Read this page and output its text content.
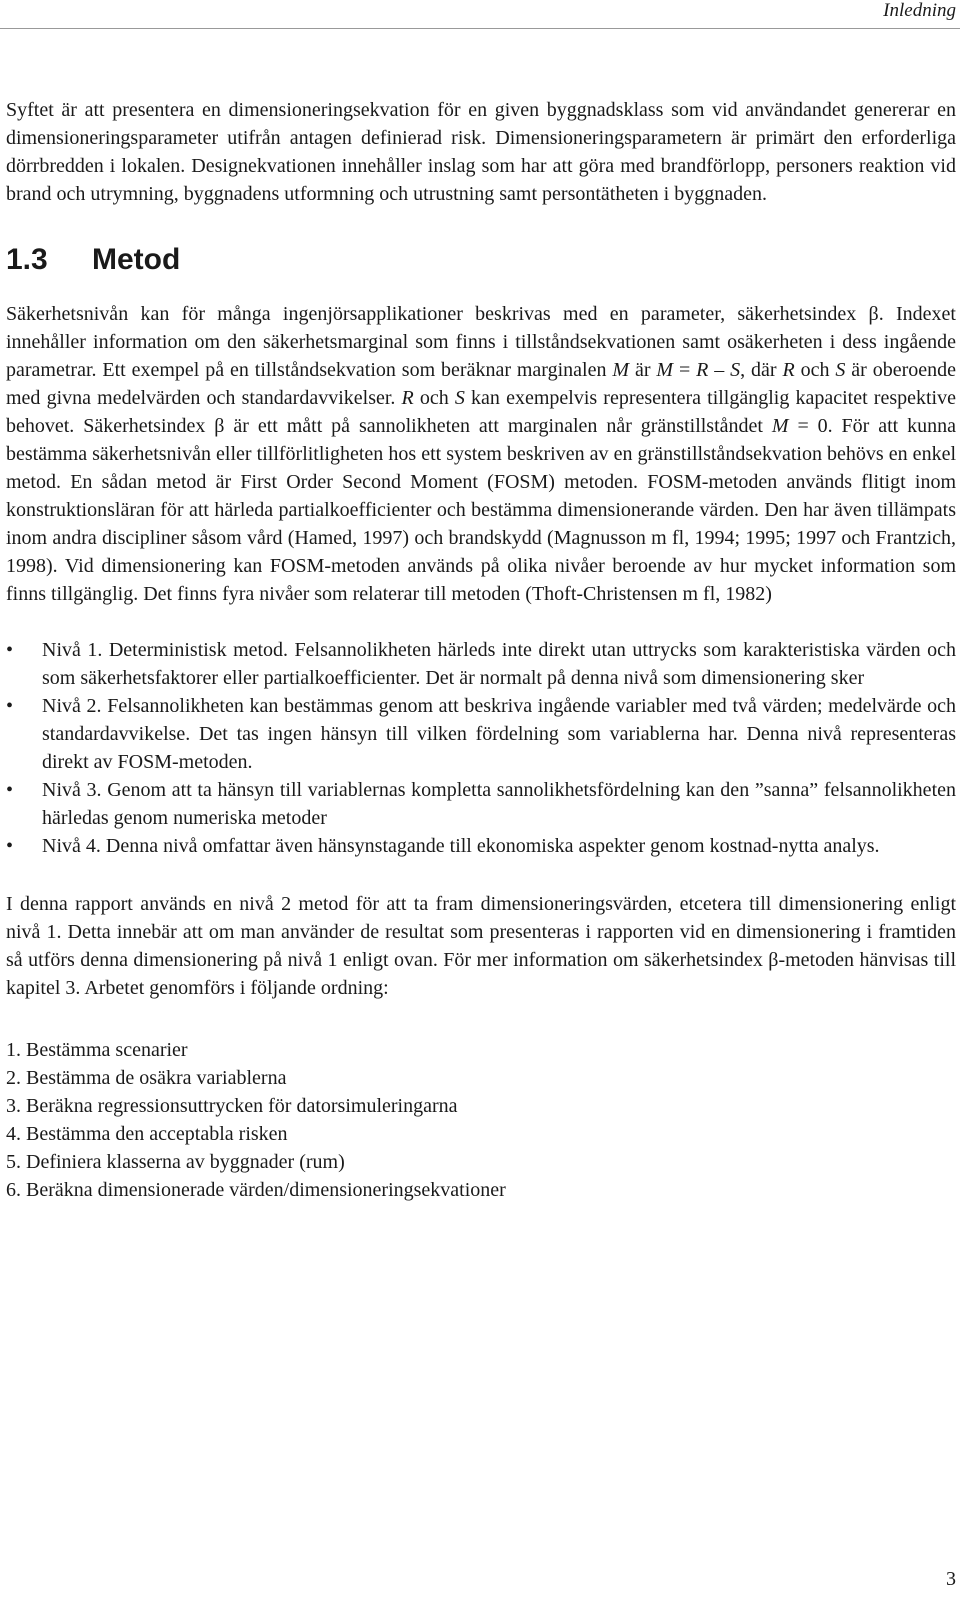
Inledning

Syftet är att presentera en dimensioneringsekvation för en given byggnadsklass som vid användandet genererar en dimensioneringsparameter utifrån antagen definierad risk. Dimensioneringsparametern är primärt den erforderliga dörrbredden i lokalen. Designekvationen innehåller inslag som har att göra med brandförlopp, personers reaktion vid brand och utrymning, byggnadens utformning och utrustning samt persontätheten i byggnaden.

1.3 Metod

Säkerhetsnivån kan för många ingenjörsapplikationer beskrivas med en parameter, säkerhetsindex β. Indexet innehåller information om den säkerhetsmarginal som finns i tillståndsekvationen samt osäkerheten i dess ingående parametrar. Ett exempel på en tillståndsekvation som beräknar marginalen M är M = R – S, där R och S är oberoende med givna medelvärden och standardavvikelser. R och S kan exempelvis representera tillgänglig kapacitet respektive behovet. Säkerhetsindex β är ett mått på sannolikheten att marginalen når gränstillståndet M = 0. För att kunna bestämma säkerhetsnivån eller tillförlitligheten hos ett system beskriven av en gränstillståndsekvation behövs en enkel metod. En sådan metod är First Order Second Moment (FOSM) metoden. FOSM-metoden används flitigt inom konstruktionsläran för att härleda partialkoefficienter och bestämma dimensionerande värden. Den har även tillämpats inom andra discipliner såsom vård (Hamed, 1997) och brandskydd (Magnusson m fl, 1994; 1995; 1997 och Frantzich, 1998). Vid dimensionering kan FOSM-metoden används på olika nivåer beroende av hur mycket information som finns tillgänglig. Det finns fyra nivåer som relaterar till metoden (Thoft-Christensen m fl, 1982)

• Nivå 1. Deterministisk metod. Felsannolikheten härleds inte direkt utan uttrycks som karakteristiska värden och som säkerhetsfaktorer eller partialkoefficienter. Det är normalt på denna nivå som dimensionering sker
• Nivå 2. Felsannolikheten kan bestämmas genom att beskriva ingående variabler med två värden; medelvärde och standardavvikelse. Det tas ingen hänsyn till vilken fördelning som variablerna har. Denna nivå representeras direkt av FOSM-metoden.
• Nivå 3. Genom att ta hänsyn till variablernas kompletta sannolikhetsfördelning kan den ”sanna” felsannolikheten härledas genom numeriska metoder
• Nivå 4. Denna nivå omfattar även hänsynstagande till ekonomiska aspekter genom kostnad-nytta analys.

I denna rapport används en nivå 2 metod för att ta fram dimensioneringsvärden, etcetera till dimensionering enligt nivå 1. Detta innebär att om man använder de resultat som presenteras i rapporten vid en dimensionering i framtiden så utförs denna dimensionering på nivå 1 enligt ovan. För mer information om säkerhetsindex β-metoden hänvisas till kapitel 3. Arbetet genomförs i följande ordning:

1. Bestämma scenarier
2. Bestämma de osäkra variablerna
3. Beräkna regressionsuttrycken för datorsimuleringarna
4. Bestämma den acceptabla risken
5. Definiera klasserna av byggnader (rum)
6. Beräkna dimensionerade värden/dimensioneringsekvationer
3
